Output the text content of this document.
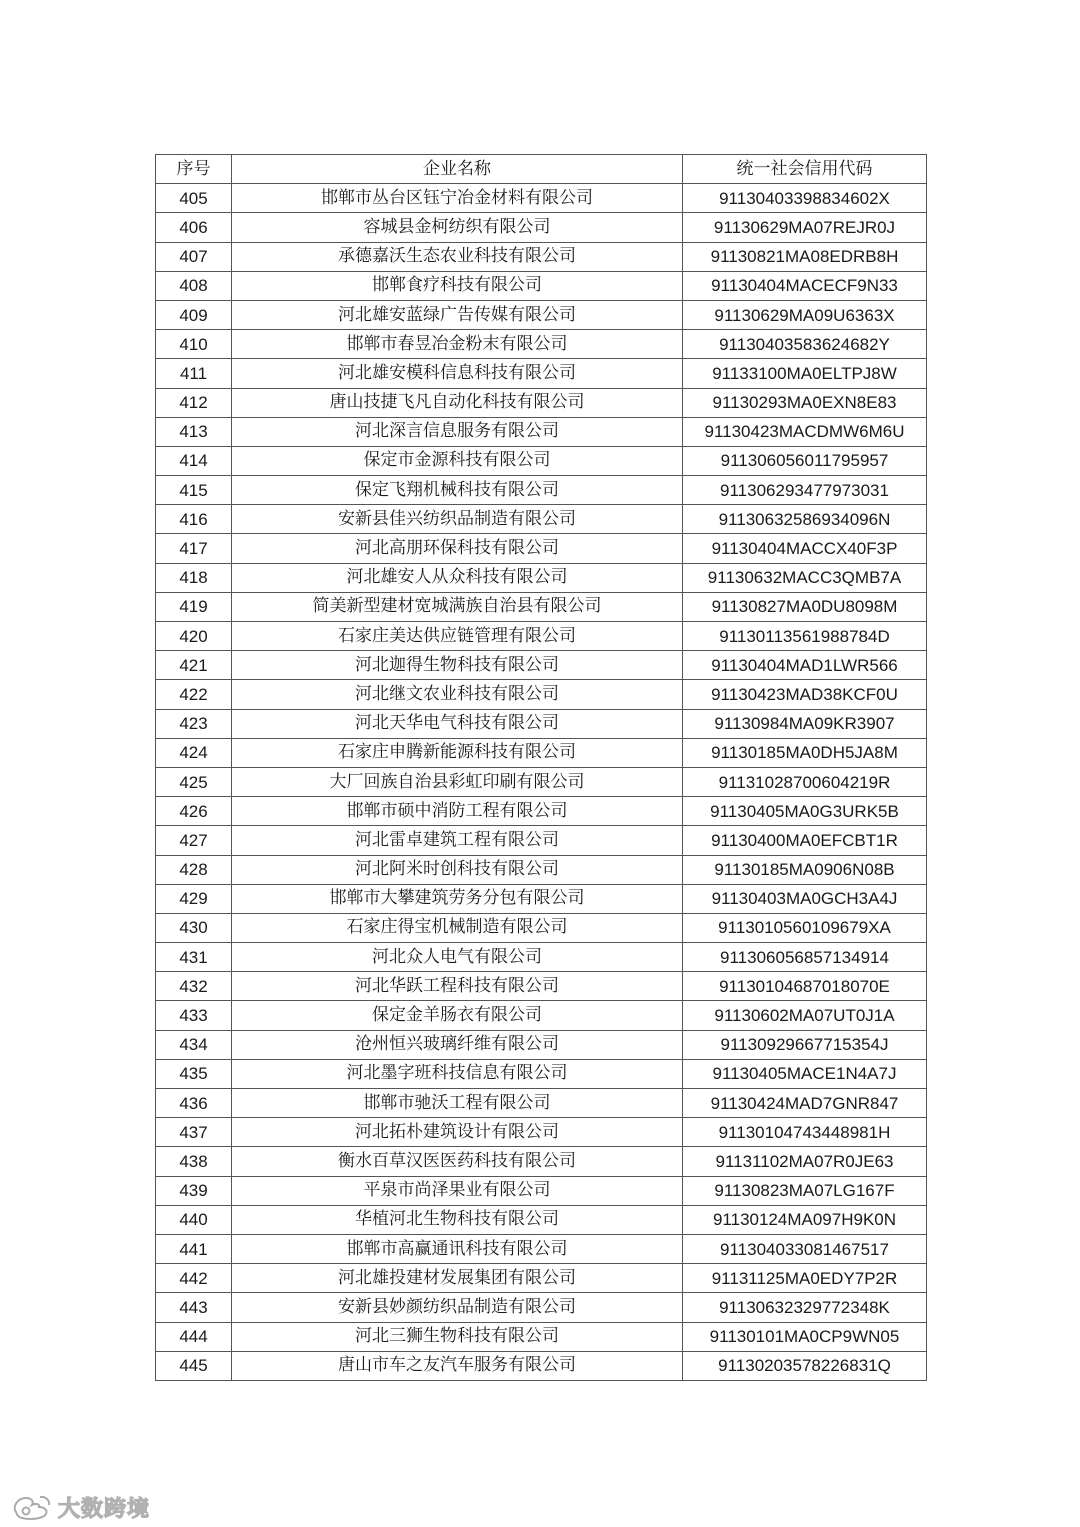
序号	企业名称	统一社会信用代码
405	邯郸市丛台区钰宁冶金材料有限公司	91130403398834602X
406	容城县金柯纺织有限公司	91130629MA07REJR0J
407	承德嘉沃生态农业科技有限公司	91130821MA08EDRB8H
408	邯郸食疗科技有限公司	91130404MACECF9N33
409	河北雄安蓝绿广告传媒有限公司	91130629MA09U6363X
410	邯郸市春昱冶金粉末有限公司	91130403583624682Y
411	河北雄安模科信息科技有限公司	91133100MA0ELTPJ8W
412	唐山技捷飞凡自动化科技有限公司	91130293MA0EXN8E83
413	河北深言信息服务有限公司	91130423MACDMW6M6U
414	保定市金源科技有限公司	911306056011795957
415	保定飞翔机械科技有限公司	911306293477973031
416	安新县佳兴纺织品制造有限公司	91130632586934096N
417	河北高朋环保科技有限公司	91130404MACCX40F3P
418	河北雄安人从众科技有限公司	91130632MACC3QMB7A
419	简美新型建材宽城满族自治县有限公司	91130827MA0DU8098M
420	石家庄美达供应链管理有限公司	91130113561988784D
421	河北迦得生物科技有限公司	91130404MAD1LWR566
422	河北继文农业科技有限公司	91130423MAD38KCF0U
423	河北天华电气科技有限公司	91130984MA09KR3907
424	石家庄申腾新能源科技有限公司	91130185MA0DH5JA8M
425	大厂回族自治县彩虹印刷有限公司	91131028700604219R
426	邯郸市硕中消防工程有限公司	91130405MA0G3URK5B
427	河北雷卓建筑工程有限公司	91130400MA0EFCBT1R
428	河北阿米时创科技有限公司	91130185MA0906N08B
429	邯郸市大攀建筑劳务分包有限公司	91130403MA0GCH3A4J
430	石家庄得宝机械制造有限公司	9113010560109679XA
431	河北众人电气有限公司	911306056857134914
432	河北华跃工程科技有限公司	91130104687018070E
433	保定金羊肠衣有限公司	91130602MA07UT0J1A
434	沧州恒兴玻璃纤维有限公司	91130929667715354J
435	河北墨字班科技信息有限公司	91130405MACE1N4A7J
436	邯郸市驰沃工程有限公司	91130424MAD7GNR847
437	河北拓朴建筑设计有限公司	91130104743448981H
438	衡水百草汉医医药科技有限公司	91131102MA07R0JE63
439	平泉市尚泽果业有限公司	91130823MA07LG167F
440	华植河北生物科技有限公司	91130124MA097H9K0N
441	邯郸市高赢通讯科技有限公司	911304033081467517
442	河北雄投建材发展集团有限公司	91131125MA0EDY7P2R
443	安新县妙颜纺织品制造有限公司	91130632329772348K
444	河北三狮生物科技有限公司	91130101MA0CP9WN05
445	唐山市车之友汽车服务有限公司	91130203578226831Q
大数跨境
